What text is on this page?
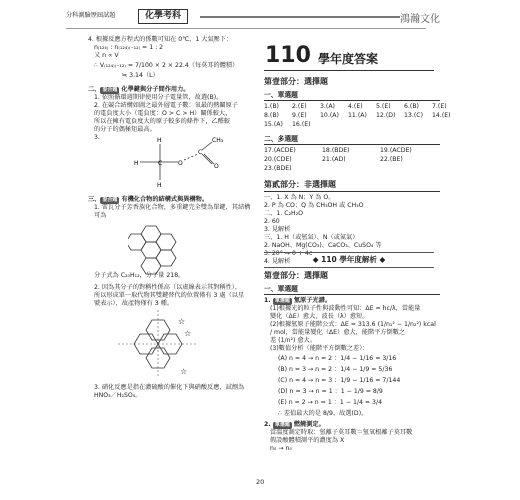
分科測驗歷屆試題	化學考科	鴻瀚文化
4. 根據反應方程式的係數可知在 0℃，1 大氣壓下：
n₍₁₂₄₎ : n₍₁₂₄₎₍₋₁₂₎ = 1 : 2
又 n ∝ V
∴ V₍₁₂₄₎₍₋₁₂₎ = 7/100 × 2 × 22.4（每莫耳的體積）
≒ 3.14（L）
二、 混合題 化學鍵與分子間作用力。
1. 依照循環週期律使用分子電量管，故選(B)。
2. 在競合結構如圖之最外層電子數：氧最的熱關原子
的電負度大小（電負度：O > C > H）關係較大，
所以在擁有電負度大的原子較多的條件下，乙醛較
的分子的偶極矩最高。
3.
H
H
H
C	O
C
CH₃
O
三、 混合題 有機化合物的結構式與異構物。
1. 雷瓦分子芳香族化合物，多重鍵完全雙為單鍵，其結構
可為
分子式為 C₂₀H₁₂，分子量 218。
2. 因為其分子的對稱性係高（以虛線表示其對稱性），
所以形成單一取代物其雙鍵替代的位置僅有 3 處（以星
號表示），故產物僅有 3 種。
☆
☆
☆
3. 硝化反應是指在濃硫酸的催化下與硝酸反應，試劑為
HNO₃／H₂SO₄。
110 學年度答案
第壹部分：選擇題
一、單選題
1.(B)	2.(E)	3.(A)	4.(E)	5.(E)	6.(B)	7.(E)
8.(B)	9.(E)	10.(A)	11.(A)	12.(D)	13.(C)	14.(E)
15.(A)	16.(E)
二、多選題
17.(ACDE)	18.(BDE)	19.(ACDE)
20.(CDE)	21.(AD)	22.(BE)
23.(BDE)
第貳部分：非選擇題
一、1. X 為 N；Y 為 O。
2. P 為 CO；Q 為 CH₃OH 或 CH₃O
二、1. C₂H₂O
2. 60
3. 見解析
三、1. H（或氫氣）、N（或氮氣）
2. NaOH、Mg(CO₃)、CaCO₃、CuSO₄ 等
3. 20° → 0 + 4c
4. 見解析	◆ 110 學年度解析 ◆
第壹部分：選擇題
一、單選題
1. 單選題 氫原子光譜。
(1)根據光的粒子性與波動性可知：ΔE = hc/λ，當能量
變化（ΔE）愈大，波長（λ）愈短。
(2)根據氫原子能階公式：ΔE = 313.6 (1/n₁² − 1/n₂²) kcal
/ mol，當能量變化（ΔE）愈大，能階平方倒數之
差 (1/n²) 愈大。
(3)數值分析（能階平方倒數之差）：
(A) n = 4 → n = 2 ：1/4 − 1/16 = 3/16
(B) n = 3 → n = 2 ：1/4 − 1/9 = 5/36
(C) n = 4 → n = 3 ：1/9 − 1/16 = 7/144
(D) n = 3 → n = 1 ：1 − 1/9 = 8/9
(E) n = 2 → n = 1 ：1 − 1/4 = 3/4
∴ 差值最大的是 8/9，故選(D)。
2. 單選題 燃燒測定。
當溫度測定時取：氫離子莫耳數＝氫氧根離子莫耳數
假設酸體積測平的濃度為 X
n₀ → n₀
20
